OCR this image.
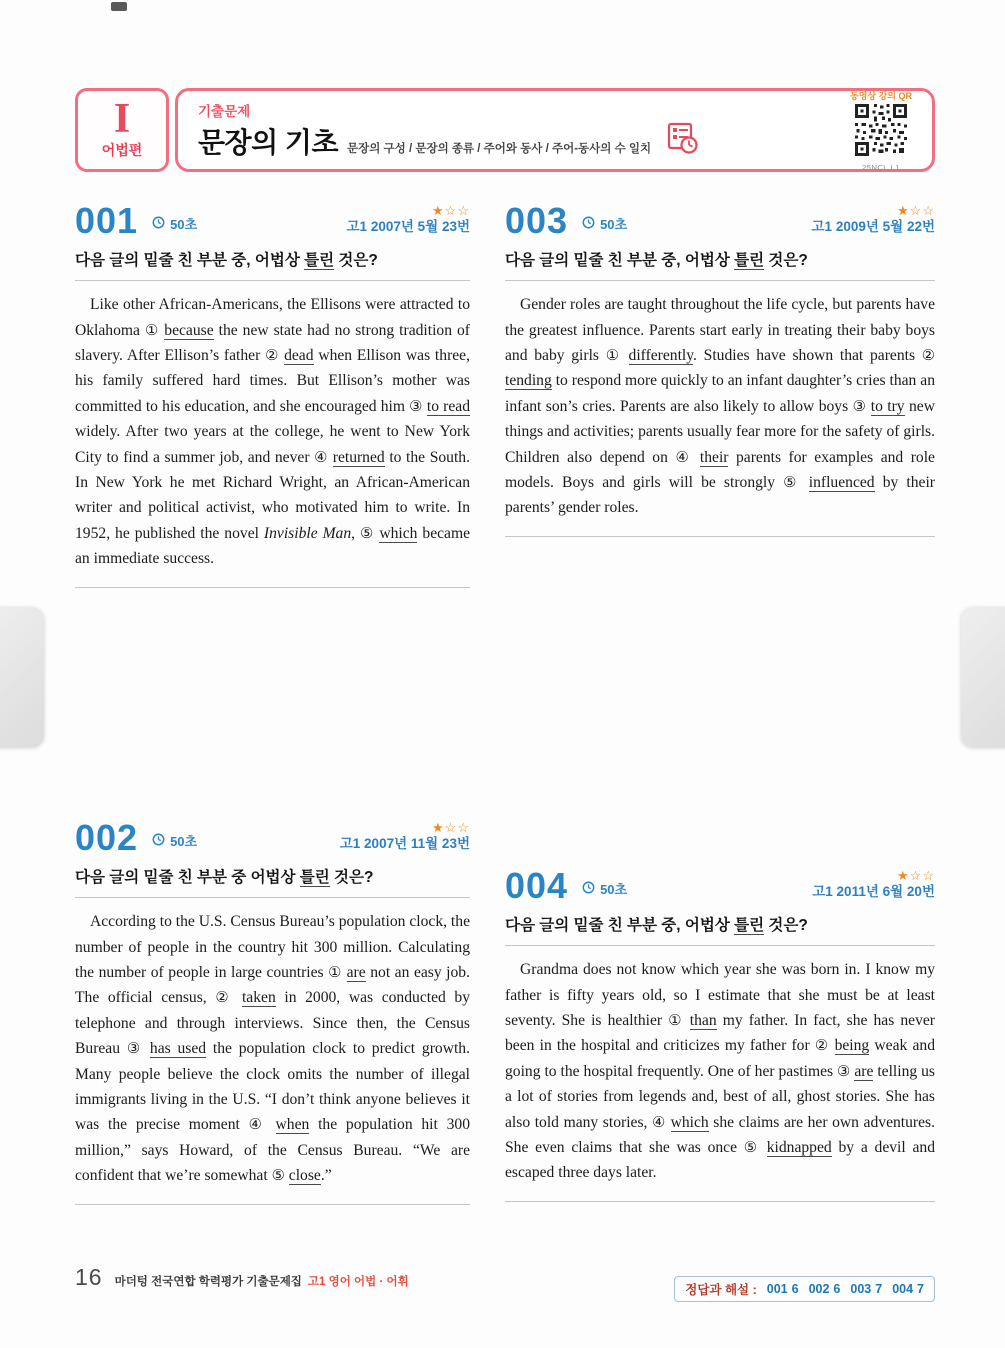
I
어법편
기출문제
문장의 기초 문장의 구성 / 문장의 종류 / 주어와 동사 / 주어-동사의 수 일치
동영상 강의 QR
25NCL.L1
001 50초
★☆☆
고1 2007년 5월 23번
다음 글의 밑줄 친 부분 중, 어법상 틀린 것은?
Like other African-Americans, the Ellisons were attracted to Oklahoma ① because the new state had no strong tradition of slavery. After Ellison’s father ② dead when Ellison was three, his family suffered hard times. But Ellison’s mother was committed to his education, and she encouraged him ③ to read widely. After two years at the college, he went to New York City to find a summer job, and never ④ returned to the South. In New York he met Richard Wright, an African-American writer and political activist, who motivated him to write. In 1952, he published the novel Invisible Man, ⑤ which became an immediate success.
002 50초
★☆☆
고1 2007년 11월 23번
다음 글의 밑줄 친 부분 중 어법상 틀린 것은?
According to the U.S. Census Bureau’s population clock, the number of people in the country hit 300 million. Calculating the number of people in large countries ① are not an easy job. The official census, ② taken in 2000, was conducted by telephone and through interviews. Since then, the Census Bureau ③ has used the population clock to predict growth. Many people believe the clock omits the number of illegal immigrants living in the U.S. “I don’t think anyone believes it was the precise moment ④ when the population hit 300 million,” says Howard, of the Census Bureau. “We are confident that we’re somewhat ⑤ close.”
003 50초
★☆☆
고1 2009년 5월 22번
다음 글의 밑줄 친 부분 중, 어법상 틀린 것은?
Gender roles are taught throughout the life cycle, but parents have the greatest influence. Parents start early in treating their baby boys and baby girls ① differently. Studies have shown that parents ② tending to respond more quickly to an infant daughter’s cries than an infant son’s cries. Parents are also likely to allow boys ③ to try new things and activities; parents usually fear more for the safety of girls. Children also depend on ④ their parents for examples and role models. Boys and girls will be strongly ⑤ influenced by their parents’ gender roles.
004 50초
★☆☆
고1 2011년 6월 20번
다음 글의 밑줄 친 부분 중, 어법상 틀린 것은?
Grandma does not know which year she was born in. I know my father is fifty years old, so I estimate that she must be at least seventy. She is healthier ① than my father. In fact, she has never been in the hospital and criticizes my father for ② being weak and going to the hospital frequently. One of her pastimes ③ are telling us a lot of stories from legends and, best of all, ghost stories. She has also told many stories, ④ which she claims are her own adventures. She even claims that she was once ⑤ kidnapped by a devil and escaped three days later.
16 마더텅 전국연합 학력평가 기출문제집 고1 영어 어법 · 어휘
정답과 해설 : 001 6 002 6 003 7 004 7
